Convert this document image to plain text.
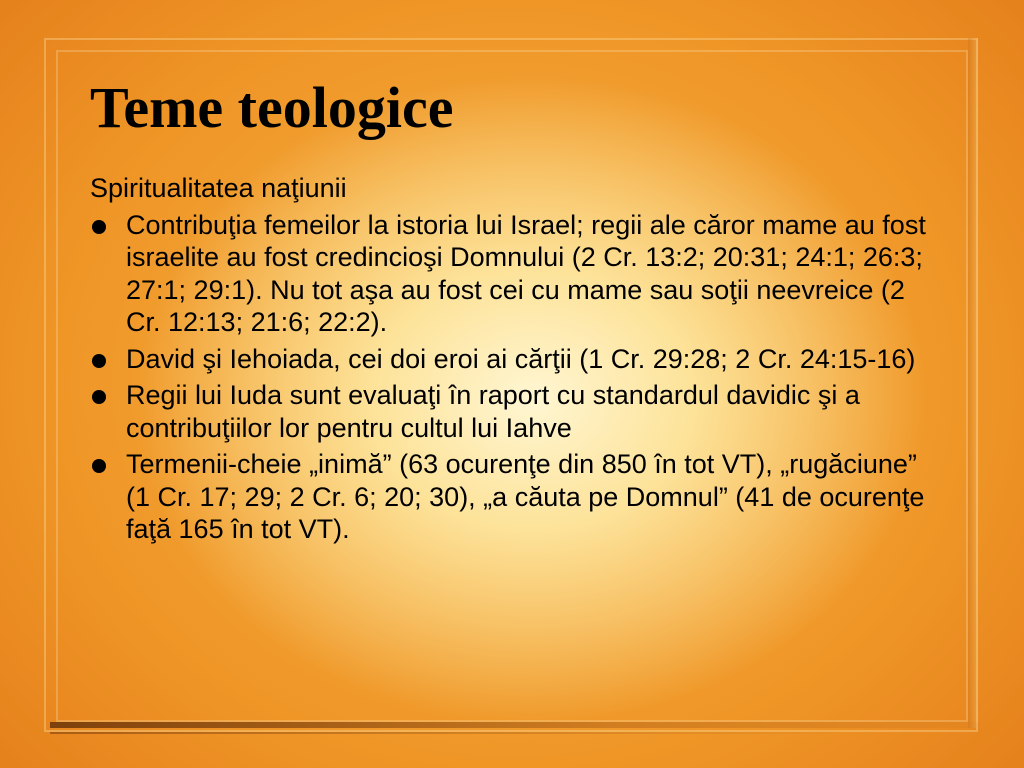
Teme teologice

Spiritualitatea naţiunii

Contribuţia femeilor la istoria lui Israel; regii ale căror mame au fost israelite au fost credincioşi Domnului (2 Cr. 13:2; 20:31; 24:1; 26:3; 27:1; 29:1). Nu tot aşa au fost cei cu mame sau soţii neevreice (2 Cr. 12:13; 21:6; 22:2).
David şi Iehoiada, cei doi eroi ai cărţii (1 Cr. 29:28; 2 Cr. 24:15-16)
Regii lui Iuda sunt evaluaţi în raport cu standardul davidic şi a contribuţiilor lor pentru cultul lui Iahve
Termenii-cheie „inimă” (63 ocurenţe din 850 în tot VT), „rugăciune” (1 Cr. 17; 29; 2 Cr. 6; 20; 30), „a căuta pe Domnul” (41 de ocurenţe faţă 165 în tot VT).
